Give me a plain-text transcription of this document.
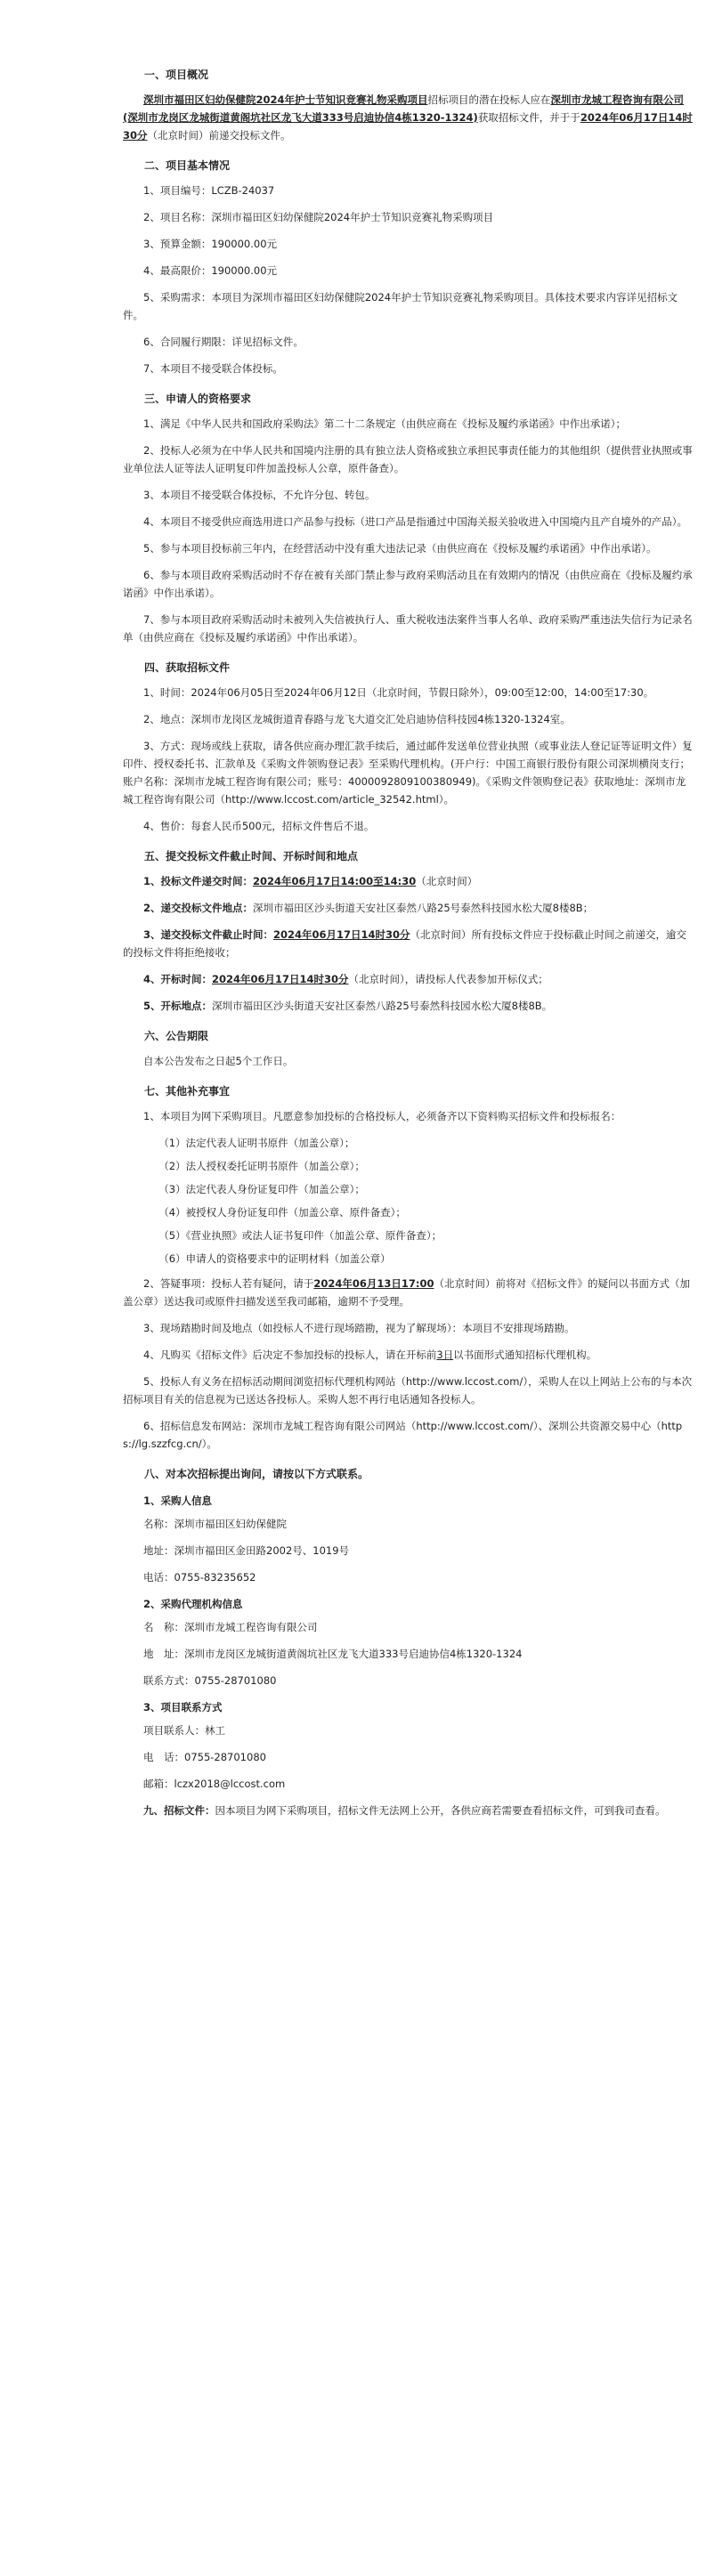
一、项目概况
深圳市福田区妇幼保健院2024年护士节知识竞赛礼物采购项目招标项目的潜在投标人应在深圳市龙城工程咨询有限公司(深圳市龙岗区龙城街道黄阁坑社区龙飞大道333号启迪协信4栋1320-1324)获取招标文件，并于于2024年06月17日14时30分（北京时间）前递交投标文件。
二、项目基本情况
1、项目编号：LCZB-24037
2、项目名称：深圳市福田区妇幼保健院2024年护士节知识竞赛礼物采购项目
3、预算金额：190000.00元
4、最高限价：190000.00元
5、采购需求：本项目为深圳市福田区妇幼保健院2024年护士节知识竞赛礼物采购项目。具体技术要求内容详见招标文件。
6、合同履行期限：详见招标文件。
7、本项目不接受联合体投标。
三、申请人的资格要求
1、满足《中华人民共和国政府采购法》第二十二条规定（由供应商在《投标及履约承诺函》中作出承诺）；
2、投标人必须为在中华人民共和国境内注册的具有独立法人资格或独立承担民事责任能力的其他组织（提供营业执照或事业单位法人证等法人证明复印件加盖投标人公章，原件备查）。
3、本项目不接受联合体投标，不允许分包、转包。
4、本项目不接受供应商选用进口产品参与投标（进口产品是指通过中国海关报关验收进入中国境内且产自境外的产品）。
5、参与本项目投标前三年内，在经营活动中没有重大违法记录（由供应商在《投标及履约承诺函》中作出承诺）。
6、参与本项目政府采购活动时不存在被有关部门禁止参与政府采购活动且在有效期内的情况（由供应商在《投标及履约承诺函》中作出承诺）。
7、参与本项目政府采购活动时未被列入失信被执行人、重大税收违法案件当事人名单、政府采购严重违法失信行为记录名单（由供应商在《投标及履约承诺函》中作出承诺）。
四、获取招标文件
1、时间：2024年06月05日至2024年06月12日（北京时间，节假日除外），09:00至12:00，14:00至17:30。
2、地点：深圳市龙岗区龙城街道青春路与龙飞大道交汇处启迪协信科技园4栋1320-1324室。
3、方式：现场或线上获取，请各供应商办理汇款手续后，通过邮件发送单位营业执照（或事业法人登记证等证明文件）复印件、授权委托书、汇款单及《采购文件领购登记表》至采购代理机构。(开户行：中国工商银行股份有限公司深圳横岗支行；账户名称：深圳市龙城工程咨询有限公司；账号：4000092809100380949)。《采购文件领购登记表》获取地址：深圳市龙城工程咨询有限公司（http://www.lccost.com/article_32542.html）。
4、售价：每套人民币500元，招标文件售后不退。
五、提交投标文件截止时间、开标时间和地点
1、投标文件递交时间：2024年06月17日14:00至14:30（北京时间）
2、递交投标文件地点：深圳市福田区沙头街道天安社区泰然八路25号泰然科技园水松大厦8楼8B；
3、递交投标文件截止时间：2024年06月17日14时30分（北京时间）所有投标文件应于投标截止时间之前递交，逾交的投标文件将拒绝接收；
4、开标时间：2024年06月17日14时30分（北京时间），请投标人代表参加开标仪式；
5、开标地点：深圳市福田区沙头街道天安社区泰然八路25号泰然科技园水松大厦8楼8B。
六、公告期限
自本公告发布之日起5个工作日。
七、其他补充事宜
1、本项目为网下采购项目。凡愿意参加投标的合格投标人，必须备齐以下资料购买招标文件和投标报名：
（1）法定代表人证明书原件（加盖公章）；
（2）法人授权委托证明书原件（加盖公章）；
（3）法定代表人身份证复印件（加盖公章）；
（4）被授权人身份证复印件（加盖公章、原件备查）；
（5）《营业执照》或法人证书复印件（加盖公章、原件备查）；
（6）申请人的资格要求中的证明材料（加盖公章）
2、答疑事项：投标人若有疑问，请于2024年06月13日17:00（北京时间）前将对《招标文件》的疑问以书面方式（加盖公章）送达我司或原件扫描发送至我司邮箱，逾期不予受理。
3、现场踏勘时间及地点（如投标人不进行现场踏勘，视为了解现场）：本项目不安排现场踏勘。
4、凡购买《招标文件》后决定不参加投标的投标人，请在开标前3日以书面形式通知招标代理机构。
5、投标人有义务在招标活动期间浏览招标代理机构网站（http://www.lccost.com/），采购人在以上网站上公布的与本次招标项目有关的信息视为已送达各投标人。采购人恕不再行电话通知各投标人。
6、招标信息发布网站：深圳市龙城工程咨询有限公司网站（http://www.lccost.com/）、深圳公共资源交易中心（https://lg.szzfcg.cn/）。
八、对本次招标提出询问，请按以下方式联系。
1、采购人信息
名称：深圳市福田区妇幼保健院
地址：深圳市福田区金田路2002号、1019号
电话：0755-83235652
2、采购代理机构信息
名　称：深圳市龙城工程咨询有限公司
地　址：深圳市龙岗区龙城街道黄阁坑社区龙飞大道333号启迪协信4栋1320-1324
联系方式：0755-28701080
3、项目联系方式
项目联系人：林工
电　话：0755-28701080
邮箱：lczx2018@lccost.com
九、招标文件：因本项目为网下采购项目，招标文件无法网上公开，各供应商若需要查看招标文件，可到我司查看。
